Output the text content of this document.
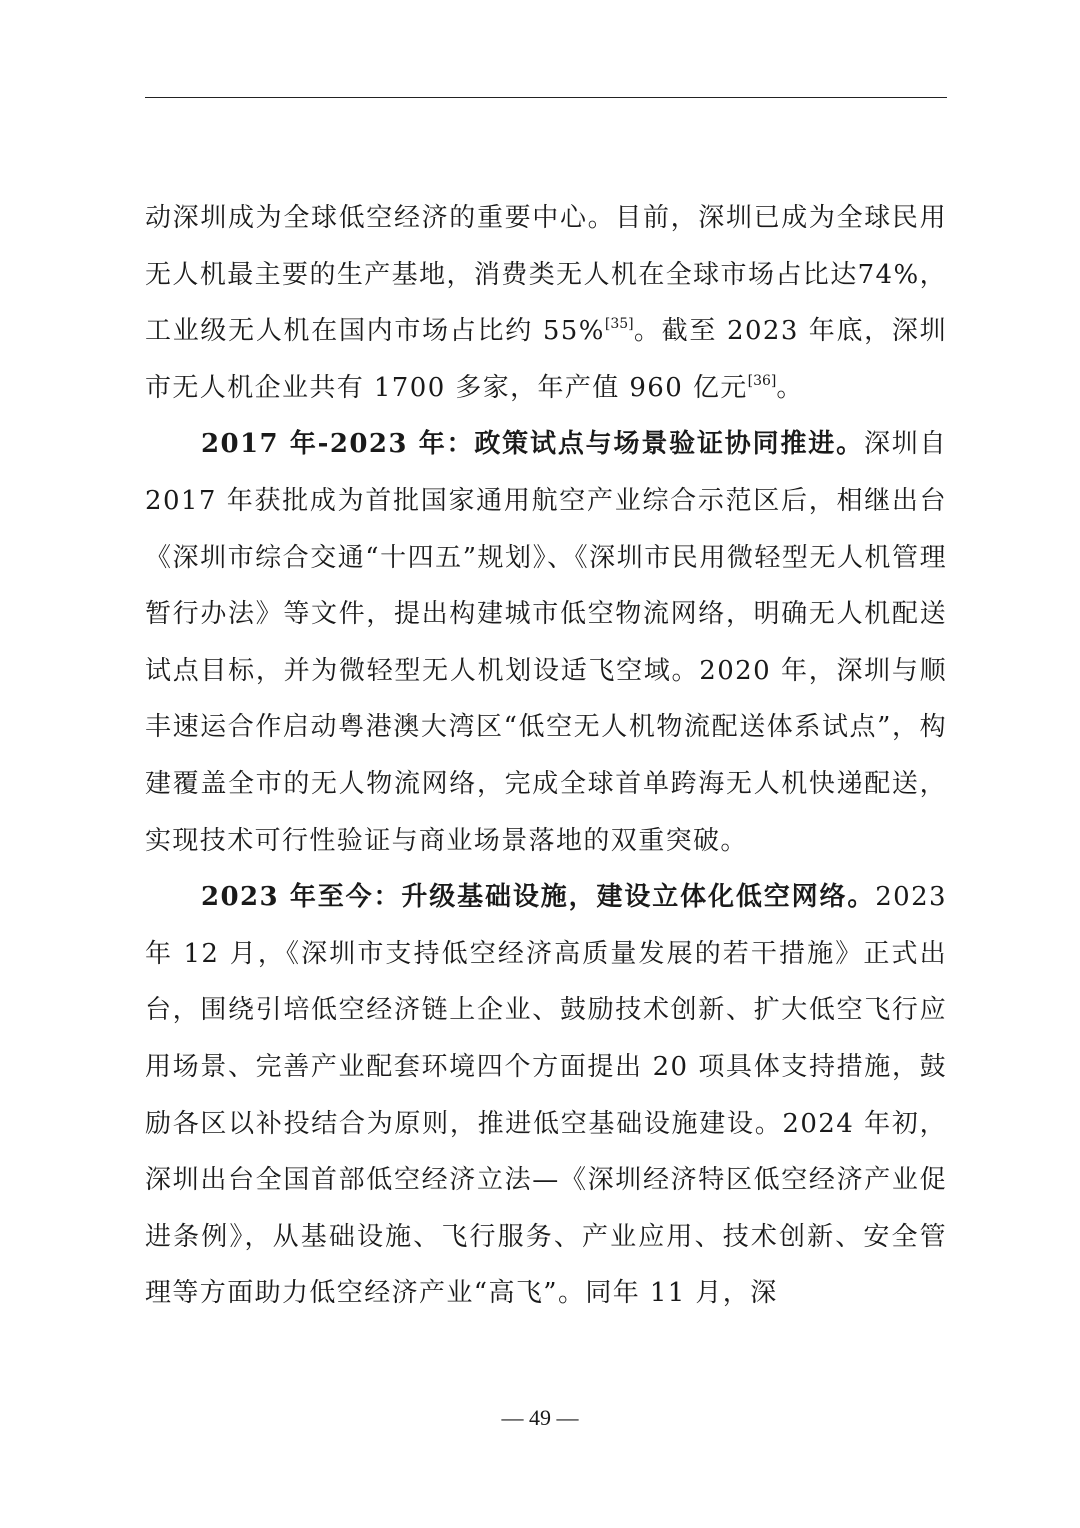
动深圳成为全球低空经济的重要中心。目前，深圳已成为全球民用无人机最主要的生产基地，消费类无人机在全球市场占比达74%，工业级无人机在国内市场占比约 55%[35]。截至 2023 年底，深圳市无人机企业共有 1700 多家，年产值 960 亿元[36]。

2017 年-2023 年：政策试点与场景验证协同推进。深圳自 2017 年获批成为首批国家通用航空产业综合示范区后，相继出台《深圳市综合交通“十四五”规划》、《深圳市民用微轻型无人机管理暂行办法》等文件，提出构建城市低空物流网络，明确无人机配送试点目标，并为微轻型无人机划设适飞空域。2020 年，深圳与顺丰速运合作启动粤港澳大湾区“低空无人机物流配送体系试点”，构建覆盖全市的无人物流网络，完成全球首单跨海无人机快递配送，实现技术可行性验证与商业场景落地的双重突破。

2023 年至今：升级基础设施，建设立体化低空网络。2023 年 12 月，《深圳市支持低空经济高质量发展的若干措施》正式出台，围绕引培低空经济链上企业、鼓励技术创新、扩大低空飞行应用场景、完善产业配套环境四个方面提出 20 项具体支持措施，鼓励各区以补投结合为原则，推进低空基础设施建设。2024 年初，深圳出台全国首部低空经济立法—《深圳经济特区低空经济产业促进条例》，从基础设施、飞行服务、产业应用、技术创新、安全管理等方面助力低空经济产业“高飞”。同年 11 月，深

— 49 —
